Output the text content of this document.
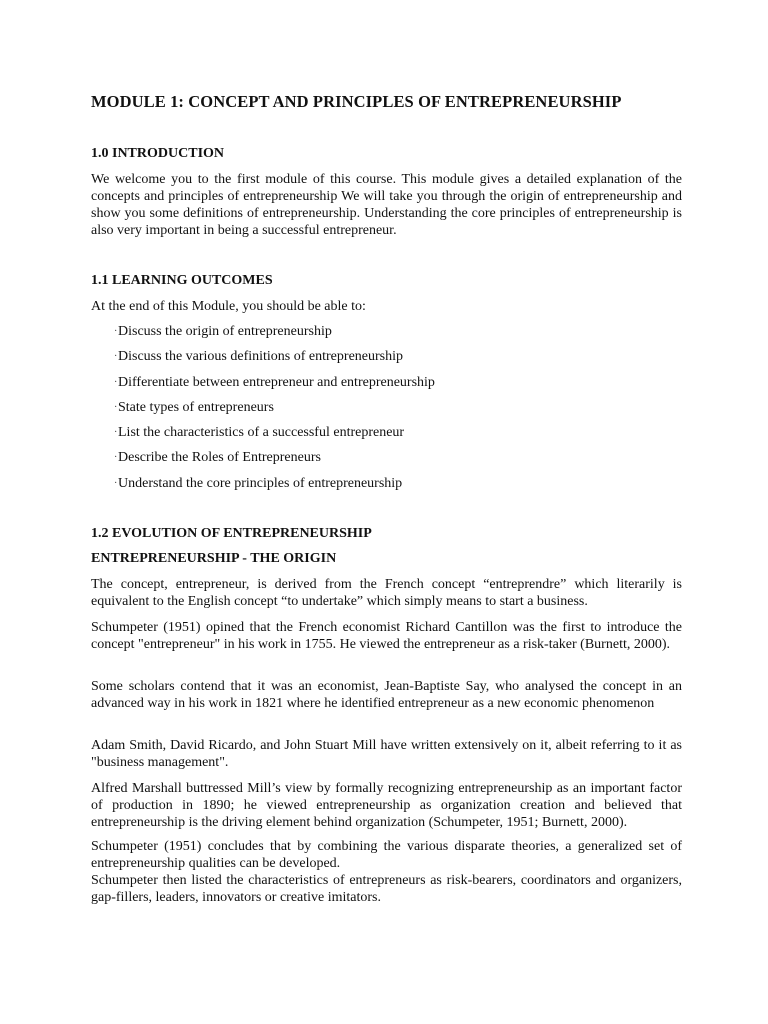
MODULE 1: CONCEPT AND PRINCIPLES OF ENTREPRENEURSHIP
1.0 INTRODUCTION

We welcome you to the first module of this course. This module gives a detailed explanation of the concepts and principles of entrepreneurship We will take you through the origin of entrepreneurship and show you some definitions of entrepreneurship. Understanding the core principles of entrepreneurship is also very important in being a successful entrepreneur.

1.1 LEARNING OUTCOMES

At the end of this Module, you should be able to:

·Discuss the origin of entrepreneurship
·Discuss the various definitions of entrepreneurship
·Differentiate between entrepreneur and entrepreneurship
·State types of entrepreneurs
·List the characteristics of a successful entrepreneur
·Describe the Roles of Entrepreneurs
·Understand the core principles of entrepreneurship
1.2 EVOLUTION OF ENTREPRENEURSHIP
ENTREPRENEURSHIP - THE ORIGIN

The concept, entrepreneur, is derived from the French concept “entreprendre” which literarily is equivalent to the English concept “to undertake” which simply means to start a business.

Schumpeter (1951) opined that the French economist Richard Cantillon was the first to introduce the concept "entrepreneur" in his work in 1755. He viewed the entrepreneur as a risk-taker (Burnett, 2000).

Some scholars contend that it was an economist, Jean-Baptiste Say, who analysed the concept in an advanced way in his work in 1821 where he identified entrepreneur as a new economic phenomenon

Adam Smith, David Ricardo, and John Stuart Mill have written extensively on it, albeit referring to it as "business management".

Alfred Marshall buttressed Mill’s view by formally recognizing entrepreneurship as an important factor of production in 1890; he viewed entrepreneurship as organization creation and believed that entrepreneurship is the driving element behind organization (Schumpeter, 1951; Burnett, 2000).

Schumpeter (1951) concludes that by combining the various disparate theories, a generalized set of entrepreneurship qualities can be developed.
Schumpeter then listed the characteristics of entrepreneurs as risk-bearers, coordinators and organizers, gap-fillers, leaders, innovators or creative imitators.
